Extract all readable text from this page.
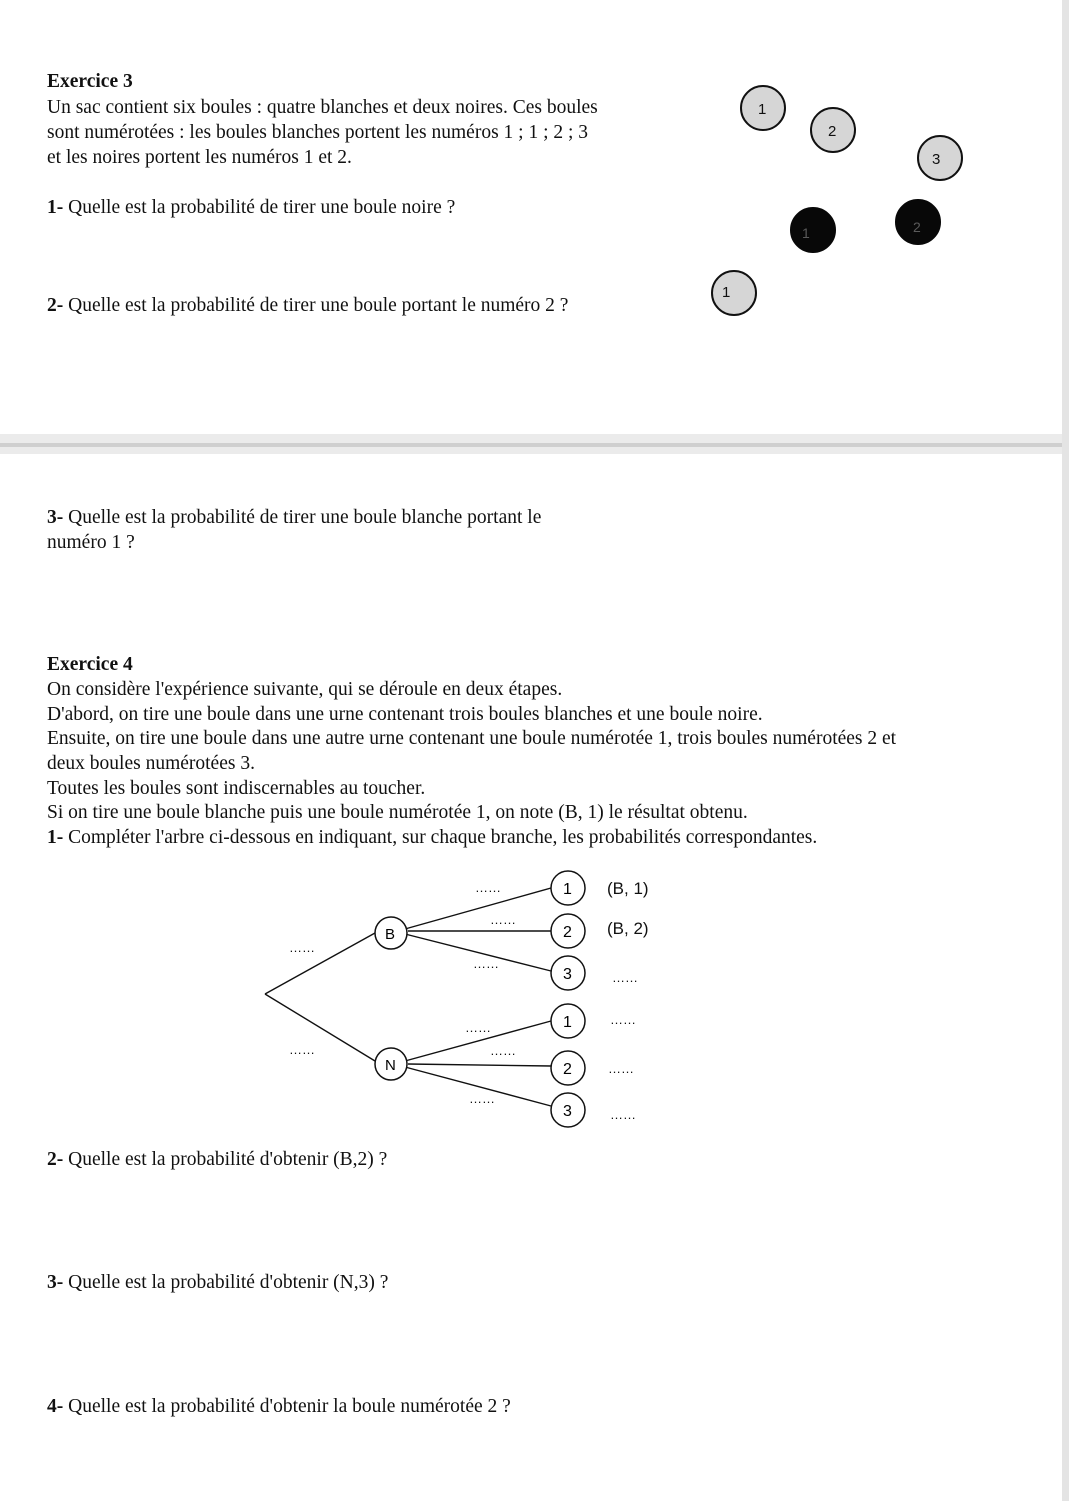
Exercice 3
Un sac contient six boules : quatre blanches et deux noires. Ces boules
sont numérotées : les boules blanches portent les numéros 1 ; 1 ; 2 ; 3
et les noires portent les numéros 1 et 2.
1- Quelle est la probabilité de tirer une boule noire ?
2- Quelle est la probabilité de tirer une boule portant le numéro 2 ?
1
2
3
1	2
1
3- Quelle est la probabilité de tirer une boule blanche portant le
numéro 1 ?
Exercice 4
On considère l'expérience suivante, qui se déroule en deux étapes.
D'abord, on tire une boule dans une urne contenant trois boules blanches et une boule noire.
Ensuite, on tire une boule dans une autre urne contenant une boule numérotée 1, trois boules numérotées 2 et
deux boules numérotées 3.
Toutes les boules sont indiscernables au toucher.
Si on tire une boule blanche puis une boule numérotée 1, on note (B, 1) le résultat obtenu.
1- Compléter l'arbre ci-dessous en indiquant, sur chaque branche, les probabilités correspondantes.
B
N
1
2
3
1
2
3
……
……
……
……
……
……
……
……
(B, 1)
(B, 2)
……
……
……
……
2- Quelle est la probabilité d'obtenir (B,2) ?
3- Quelle est la probabilité d'obtenir (N,3) ?
4- Quelle est la probabilité d'obtenir la boule numérotée 2 ?
